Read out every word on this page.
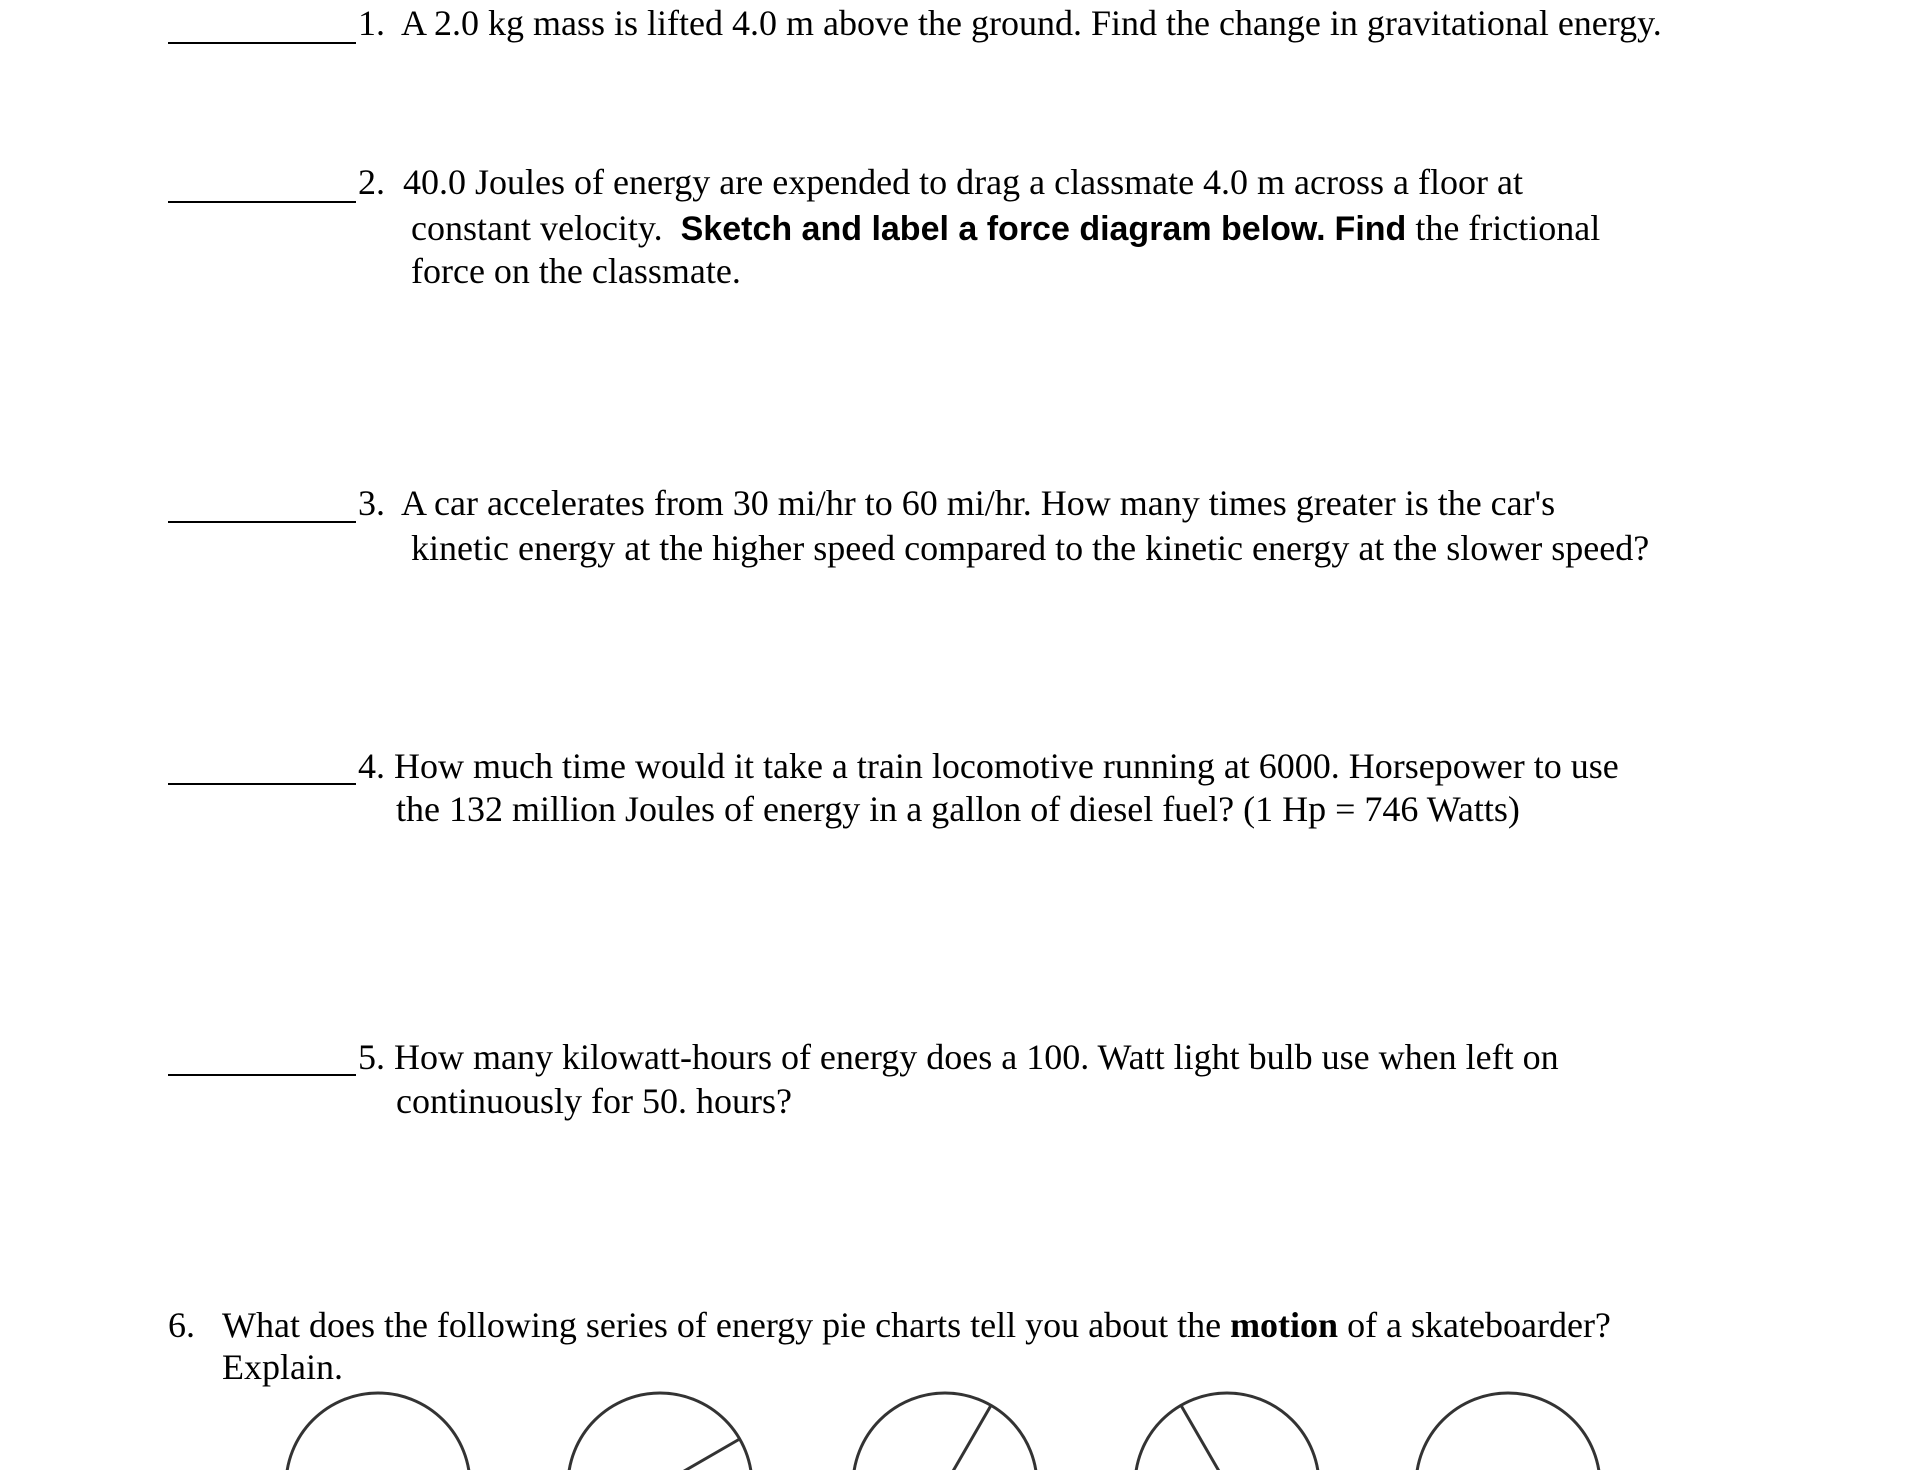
1. A 2.0 kg mass is lifted 4.0 m above the ground. Find the change in gravitational energy.
2. 40.0 Joules of energy are expended to drag a classmate 4.0 m across a floor at
constant velocity. Sketch and label a force diagram below. Find the frictional
force on the classmate.
3. A car accelerates from 30 mi/hr to 60 mi/hr. How many times greater is the car's
kinetic energy at the higher speed compared to the kinetic energy at the slower speed?
4. How much time would it take a train locomotive running at 6000. Horsepower to use
the 132 million Joules of energy in a gallon of diesel fuel? (1 Hp = 746 Watts)
5. How many kilowatt-hours of energy does a 100. Watt light bulb use when left on
continuously for 50. hours?
6. What does the following series of energy pie charts tell you about the motion of a skateboarder?
Explain.
